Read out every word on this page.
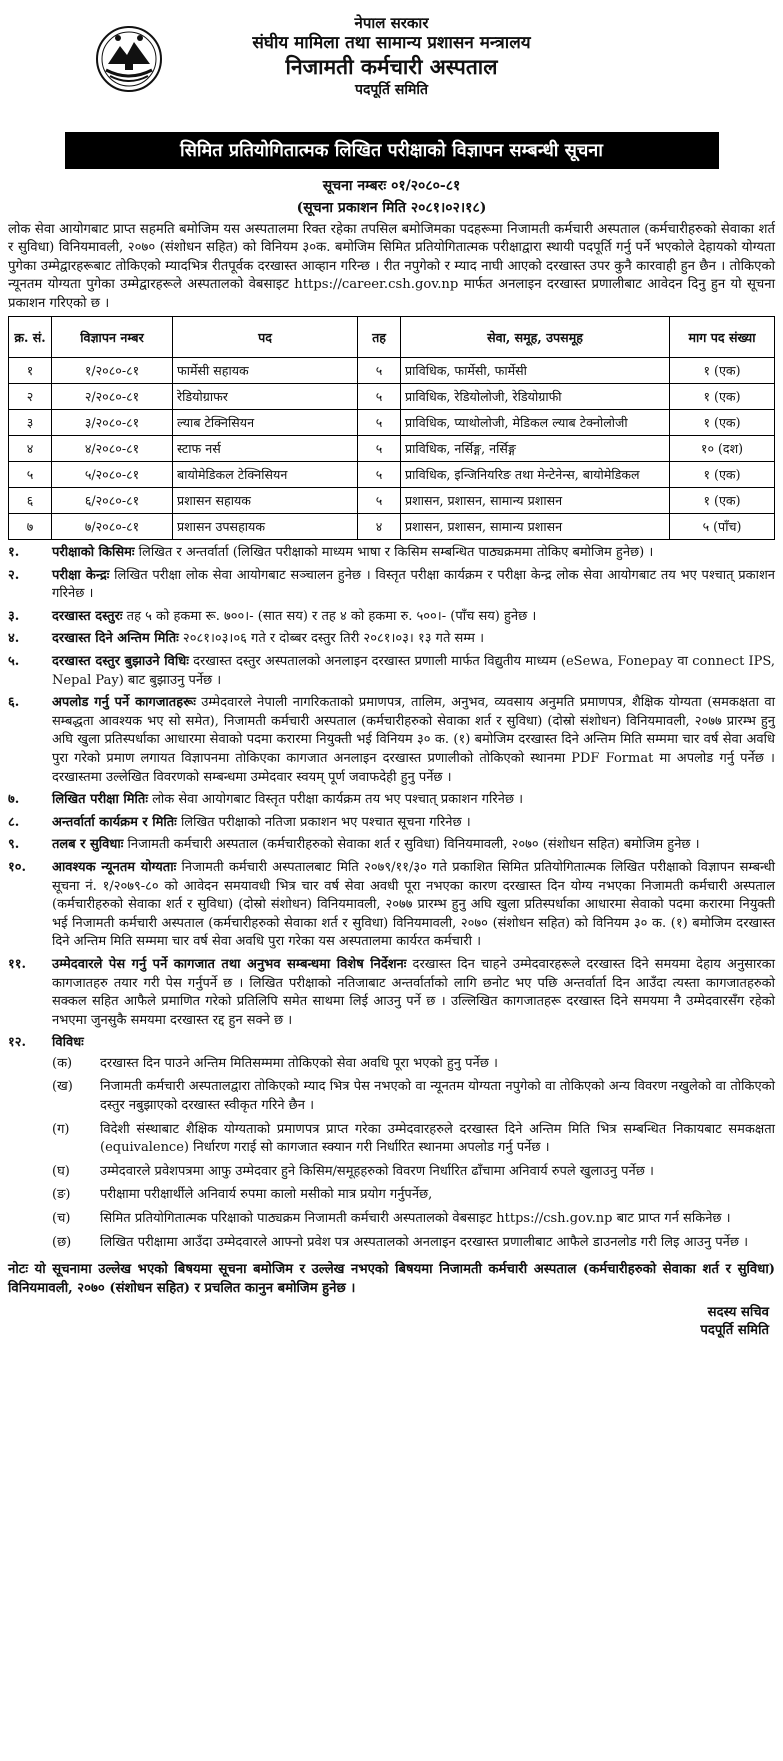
नेपाल सरकार
संघीय मामिला तथा सामान्य प्रशासन मन्त्रालय
निजामती कर्मचारी अस्पताल
पदपूर्ति समिति
सिमित प्रतियोगितात्मक लिखित परीक्षाको विज्ञापन सम्बन्धी सूचना
सूचना नम्बरः ०१/२०८०-८१
(सूचना प्रकाशन मिति २०८१।०२।१८)
लोक सेवा आयोगबाट प्राप्त सहमति बमोजिम यस अस्पतालमा रिक्त रहेका तपसिल बमोजिमका पदहरूमा निजामती कर्मचारी अस्पताल (कर्मचारीहरुको सेवाका शर्त र सुविधा) विनियमावली, २०७० (संशोधन सहित) को विनियम ३०क. बमोजिम सिमित प्रतियोगितात्मक परीक्षाद्वारा स्थायी पदपूर्ति गर्नु पर्ने भएकोले देहायको योग्यता पुगेका उम्मेद्वारहरूबाट तोकिएको म्यादभित्र रीतपूर्वक दरखास्त आव्हान गरिन्छ । रीत नपुगेको र म्याद नाघी आएको दरखास्त उपर कुनै कारवाही हुन छैन । तोकिएको न्यूनतम योग्यता पुगेका उम्मेद्वारहरूले अस्पतालको वेबसाइट https://career.csh.gov.np मार्फत अनलाइन दरखास्त प्रणालीबाट आवेदन दिनु हुन यो सूचना प्रकाशन गरिएको छ ।
क्र. सं.	विज्ञापन नम्बर	पद	तह	सेवा, समूह, उपसमूह	माग पद संख्या
१	१/२०८०-८१	फार्मेसी सहायक	५	प्राविधिक, फार्मेसी, फार्मेसी	१ (एक)
२	२/२०८०-८१	रेडियोग्राफर	५	प्राविधिक, रेडियोलोजी, रेडियोग्राफी	१ (एक)
३	३/२०८०-८१	ल्याब टेक्निसियन	५	प्राविधिक, प्याथोलोजी, मेडिकल ल्याब टेक्नोलोजी	१ (एक)
४	४/२०८०-८१	स्टाफ नर्स	५	प्राविधिक, नर्सिङ्ग, नर्सिङ्ग	१० (दश)
५	५/२०८०-८१	बायोमेडिकल टेक्निसियन	५	प्राविधिक, इन्जिनियरिङ तथा मेन्टेनेन्स, बायोमेडिकल	१ (एक)
६	६/२०८०-८१	प्रशासन सहायक	५	प्रशासन, प्रशासन, सामान्य प्रशासन	१ (एक)
७	७/२०८०-८१	प्रशासन उपसहायक	४	प्रशासन, प्रशासन, सामान्य प्रशासन	५ (पाँच)
१.	परीक्षाको किसिमः लिखित र अन्तर्वार्ता (लिखित परीक्षाको माध्यम भाषा र किसिम सम्बन्धित पाठ्यक्रममा तोकिए बमोजिम हुनेछ) ।
२.	परीक्षा केन्द्रः लिखित परीक्षा लोक सेवा आयोगबाट सञ्चालन हुनेछ । विस्तृत परीक्षा कार्यक्रम र परीक्षा केन्द्र लोक सेवा आयोगबाट तय भए पश्चात् प्रकाशन गरिनेछ ।
३.	दरखास्त दस्तुरः तह ५ को हकमा रू. ७००।- (सात सय) र तह ४ को हकमा रु. ५००।- (पाँच सय) हुनेछ ।
४.	दरखास्त दिने अन्तिम मितिः २०८१।०३।०६ गते र दोब्बर दस्तुर तिरी २०८१।०३। १३ गते सम्म ।
५.	दरखास्त दस्तुर बुझाउने विधिः दरखास्त दस्तुर अस्पतालको अनलाइन दरखास्त प्रणाली मार्फत विद्युतीय माध्यम (eSewa, Fonepay वा connect IPS, Nepal Pay) बाट बुझाउनु पर्नेछ ।
६.	अपलोड गर्नु पर्ने कागजातहरूः उम्मेदवारले नेपाली नागरिकताको प्रमाणपत्र, तालिम, अनुभव, व्यवसाय अनुमति प्रमाणपत्र, शैक्षिक योग्यता (समकक्षता वा सम्बद्धता आवश्यक भए सो समेत), निजामती कर्मचारी अस्पताल (कर्मचारीहरुको सेवाका शर्त र सुविधा) (दोस्रो संशोधन) विनियमावली, २०७७ प्रारम्भ हुनु अघि खुला प्रतिस्पर्धाका आधारमा सेवाको पदमा करारमा नियुक्ती भई विनियम ३० क. (१) बमोजिम दरखास्त दिने अन्तिम मिति सम्ममा चार वर्ष सेवा अवधि पुरा गरेको प्रमाण लगायत विज्ञापनमा तोकिएका कागजात अनलाइन दरखास्त प्रणालीको तोकिएको स्थानमा PDF Format मा अपलोड गर्नु पर्नेछ । दरखास्तमा उल्लेखित विवरणको सम्बन्धमा उम्मेदवार स्वयम् पूर्ण जवाफदेही हुनु पर्नेछ ।
७.	लिखित परीक्षा मितिः लोक सेवा आयोगबाट विस्तृत परीक्षा कार्यक्रम तय भए पश्चात् प्रकाशन गरिनेछ ।
८.	अन्तर्वार्ता कार्यक्रम र मितिः लिखित परीक्षाको नतिजा प्रकाशन भए पश्चात सूचना गरिनेछ ।
९.	तलब र सुविधाः निजामती कर्मचारी अस्पताल (कर्मचारीहरुको सेवाका शर्त र सुविधा) विनियमावली, २०७० (संशोधन सहित) बमोजिम हुनेछ ।
१०.	आवश्यक न्यूनतम योग्यताः निजामती कर्मचारी अस्पतालबाट मिति २०७९/११/३० गते प्रकाशित सिमित प्रतियोगितात्मक लिखित परीक्षाको विज्ञापन सम्बन्धी सूचना नं. १/२०७९-८० को आवेदन समयावधी भित्र चार वर्ष सेवा अवधी पूरा नभएका कारण दरखास्त दिन योग्य नभएका निजामती कर्मचारी अस्पताल (कर्मचारीहरुको सेवाका शर्त र सुविधा) (दोस्रो संशोधन) विनियमावली, २०७७ प्रारम्भ हुनु अघि खुला प्रतिस्पर्धाका आधारमा सेवाको पदमा करारमा नियुक्ती भई निजामती कर्मचारी अस्पताल (कर्मचारीहरुको सेवाका शर्त र सुविधा) विनियमावली, २०७० (संशोधन सहित) को विनियम ३० क. (१) बमोजिम दरखास्त दिने अन्तिम मिति सम्ममा चार वर्ष सेवा अवधि पुरा गरेका यस अस्पतालमा कार्यरत कर्मचारी ।
११.	उम्मेदवारले पेस गर्नु पर्ने कागजात तथा अनुभव सम्बन्धमा विशेष निर्देशनः दरखास्त दिन चाहने उम्मेदवारहरूले दरखास्त दिने समयमा देहाय अनुसारका कागजातहरु तयार गरी पेस गर्नुपर्ने छ । लिखित परीक्षाको नतिजाबाट अन्तर्वार्ताको लागि छनोट भए पछि अन्तर्वार्ता दिन आउँदा त्यस्ता कागजातहरुको सक्कल सहित आफैले प्रमाणित गरेको प्रतिलिपि समेत साथमा लिई आउनु पर्ने छ । उल्लिखित कागजातहरू दरखास्त दिने समयमा नै उम्मेदवारसँग रहेको नभएमा जुनसुकै समयमा दरखास्त रद्द हुन सक्ने छ ।
१२.	विविधः
(क)	दरखास्त दिन पाउने अन्तिम मितिसम्ममा तोकिएको सेवा अवधि पूरा भएको हुनु पर्नेछ ।
(ख)	निजामती कर्मचारी अस्पतालद्वारा तोकिएको म्याद भित्र पेस नभएको वा न्यूनतम योग्यता नपुगेको वा तोकिएको अन्य विवरण नखुलेको वा तोकिएको दस्तुर नबुझाएको दरखास्त स्वीकृत गरिने छैन ।
(ग)	विदेशी संस्थाबाट शैक्षिक योग्यताको प्रमाणपत्र प्राप्त गरेका उम्मेदवारहरुले दरखास्त दिने अन्तिम मिति भित्र सम्बन्धित निकायबाट समकक्षता (equivalence) निर्धारण गराई सो कागजात स्क्यान गरी निर्धारित स्थानमा अपलोड गर्नु पर्नेछ ।
(घ)	उम्मेदवारले प्रवेशपत्रमा आफु उम्मेदवार हुने किसिम/समूहहरुको विवरण निर्धारित ढाँचामा अनिवार्य रुपले खुलाउनु पर्नेछ ।
(ङ)	परीक्षामा परीक्षार्थीले अनिवार्य रुपमा कालो मसीको मात्र प्रयोग गर्नुपर्नेछ,
(च)	सिमित प्रतियोगितात्मक परिक्षाको पाठ्यक्रम निजामती कर्मचारी अस्पतालको वेबसाइट https://csh.gov.np बाट प्राप्त गर्न सकिनेछ ।
(छ)	लिखित परीक्षामा आउँदा उम्मेदवारले आफ्नो प्रवेश पत्र अस्पतालको अनलाइन दरखास्त प्रणालीबाट आफैले डाउनलोड गरी लिइ आउनु पर्नेछ ।
नोटः यो सूचनामा उल्लेख भएको बिषयमा सूचना बमोजिम र उल्लेख नभएको बिषयमा निजामती कर्मचारी अस्पताल (कर्मचारीहरुको सेवाका शर्त र सुविधा) विनियमावली, २०७० (संशोधन सहित) र प्रचलित कानुन बमोजिम हुनेछ ।
सदस्य सचिव
पदपूर्ति समिति
